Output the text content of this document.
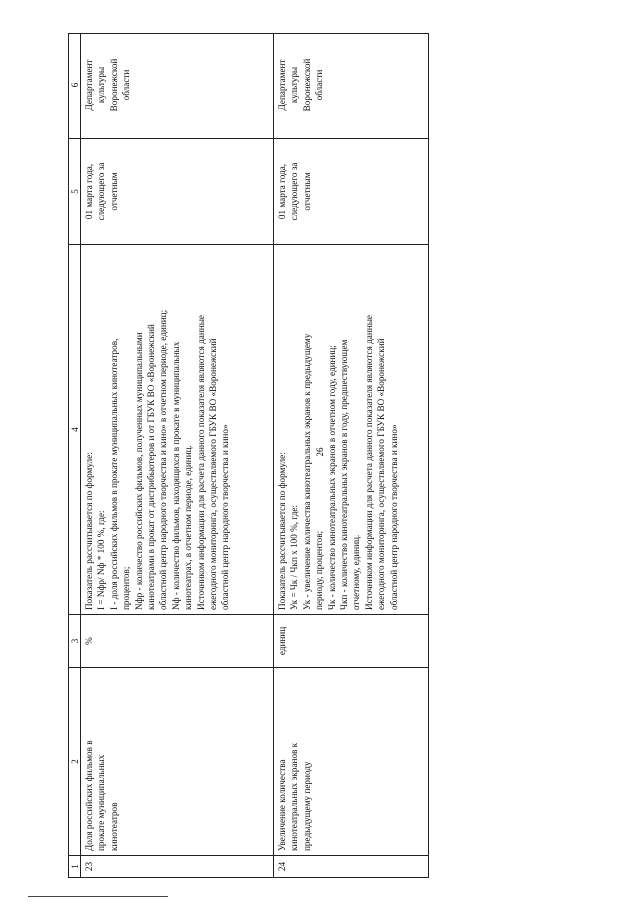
26
1
2
3
4
5
6
23
Доля российских фильмов в прокате муниципальных кинотеатров
%
Показатель рассчитывается по формуле: I = Nфр/ Nф * 100 %, где: I - доля российских фильмов в прокате муниципальных кинотеатров, процентов; Nфр - количество российских фильмов, полученных муниципальными кинотеатрами в прокат от дистрибьютеров и от ГБУК ВО «Воронежский областной центр народного творчества и кино» в отчетном периоде, единиц; Nф - количество фильмов, находящихся в прокате в муниципальных кинотеатрах, в отчетном периоде, единиц. Источником информации для расчета данного показателя являются данные ежегодного мониторинга, осуществляемого ГБУК ВО «Воронежский областной центр народного творчества и кино»
01 марта года, следующего за отчетным
Департамент культуры Воронежской области
24
Увеличение количества кинотеатральных экранов к предыдущему периоду
единиц
Показатель рассчитывается по формуле: Ук = Чк / Чкп х 100 %, где: Ук - увеличение количества кинотеатральных экранов к предыдущему периоду, процентов; Чк - количество кинотеатральных экранов в отчетном году, единиц; Чкп - количество кинотеатральных экранов в году, предшествующем отчетному, единиц. Источником информации для расчета данного показателя являются данные ежегодного мониторинга, осуществляемого ГБУК ВО «Воронежский областной центр народного творчества и кино»
01 марта года, следующего за отчетным
Департамент культуры Воронежской области
